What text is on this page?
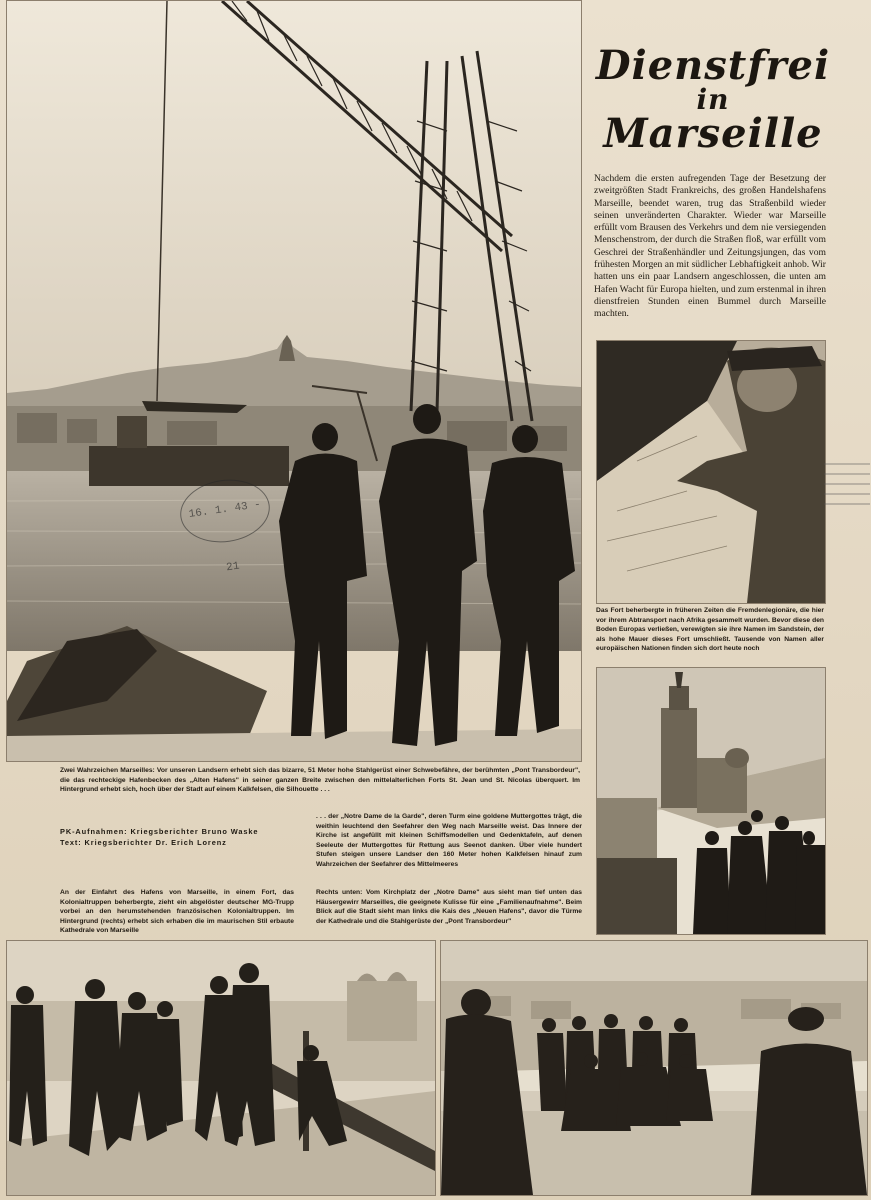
Dienstfrei
in
Marseille
Nachdem die ersten aufregenden Tage der Besetzung der zweitgrößten Stadt Frankreichs, des großen Handelshafens Marseille, beendet waren, trug das Straßenbild wieder seinen unveränderten Charakter. Wieder war Marseille erfüllt vom Brausen des Verkehrs und dem nie versiegenden Menschenstrom, der durch die Straßen floß, war erfüllt vom Geschrei der Straßenhändler und Zeitungsjungen, das vom frühesten Morgen an mit südlicher Lebhaftigkeit anhob. Wir hatten uns ein paar Landsern angeschlossen, die unten am Hafen Wacht für Europa hielten, und zum erstenmal in ihren dienstfreien Stunden einen Bummel durch Marseille machten.
Das Fort beherbergte in früheren Zeiten die Fremdenlegionäre, die hier vor ihrem Abtransport nach Afrika gesammelt wurden. Bevor diese den Boden Europas verließen, verewigten sie ihre Namen im Sandstein, der als hohe Mauer dieses Fort umschließt. Tausende von Namen aller europäischen Nationen finden sich dort heute noch
Zwei Wahrzeichen Marseilles: Vor unseren Landsern erhebt sich das bizarre, 51 Meter hohe Stahlgerüst einer Schwebefähre, der berühmten „Pont Transbordeur", die das rechteckige Hafenbecken des „Alten Hafens" in seiner ganzen Breite zwischen den mittelalterlichen Forts St. Jean und St. Nicolas überquert. Im Hintergrund erhebt sich, hoch über der Stadt auf einem Kalkfelsen, die Silhouette . . .
PK-Aufnahmen: Kriegsberichter Bruno Waske
Text: Kriegsberichter Dr. Erich Lorenz
. . . der „Notre Dame de la Garde", deren Turm eine goldene Muttergottes trägt, die weithin leuchtend den Seefahrer den Weg nach Marseille weist. Das Innere der Kirche ist angefüllt mit kleinen Schiffsmodellen und Gedenktafeln, auf denen Seeleute der Muttergottes für Rettung aus Seenot danken. Über viele hundert Stufen steigen unsere Landser den 160 Meter hohen Kalkfelsen hinauf zum Wahrzeichen der Seefahrer des Mittelmeeres
An der Einfahrt des Hafens von Marseille, in einem Fort, das Kolonialtruppen beherbergte, zieht ein abgelöster deutscher MG-Trupp vorbei an den herumstehenden französischen Kolonialtruppen. Im Hintergrund (rechts) erhebt sich erhaben die im maurischen Stil erbaute Kathedrale von Marseille
Rechts unten: Vom Kirchplatz der „Notre Dame" aus sieht man tief unten das Häusergewirr Marseilles, die geeignete Kulisse für eine „Familienaufnahme". Beim Blick auf die Stadt sieht man links die Kais des „Neuen Hafens", davor die Türme der Kathedrale und die Stahlgerüste der „Pont Transbordeur"
16. 1. 43 - 21
